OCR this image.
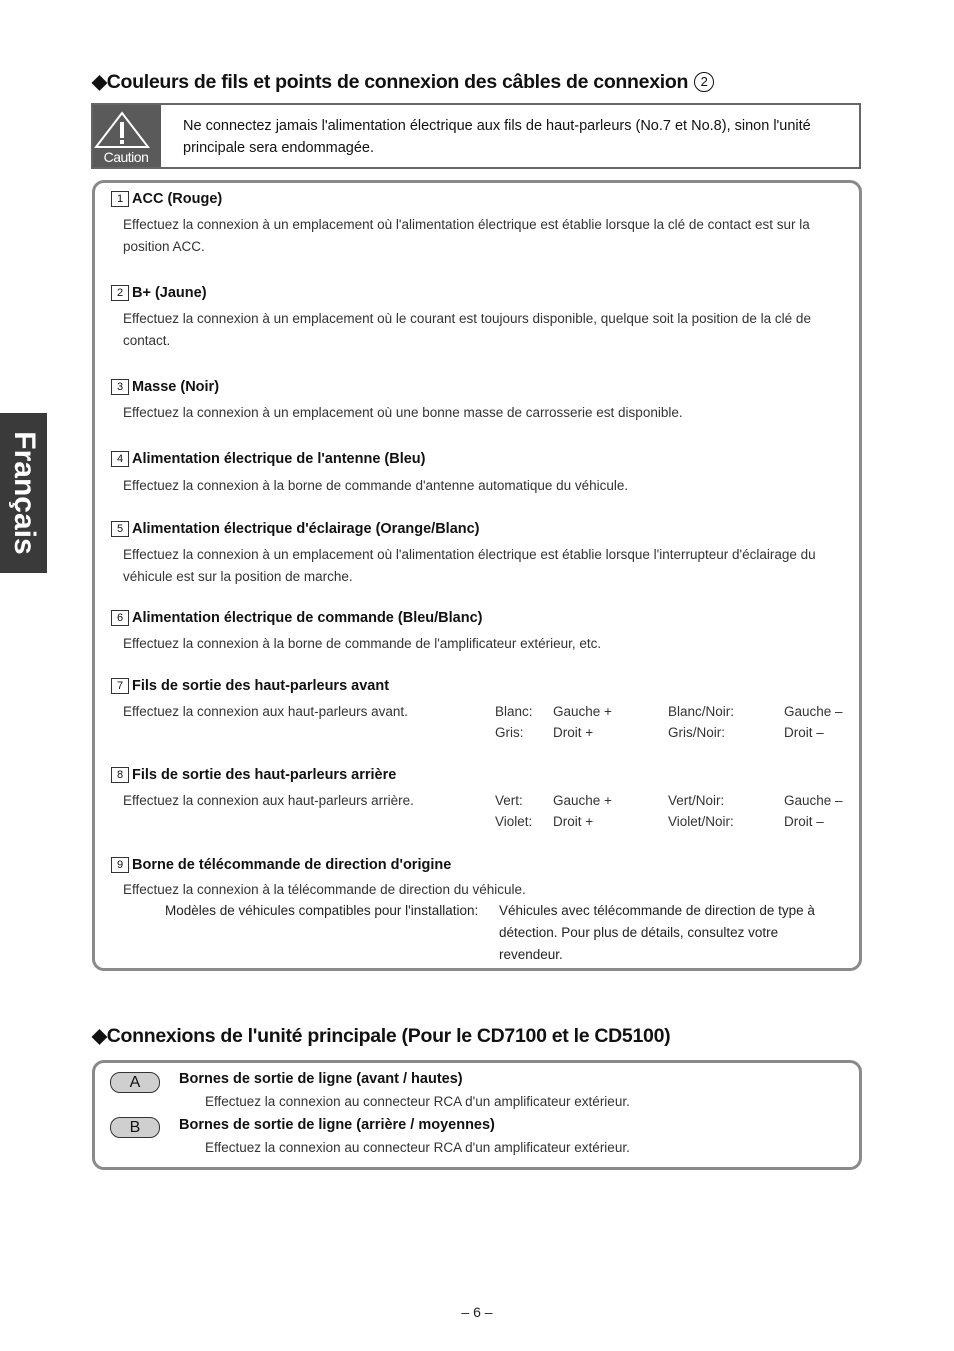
Français
◆Couleurs de fils et points de connexion des câbles de connexion 2
Caution
Ne connectez jamais l'alimentation électrique aux fils de haut-parleurs (No.7 et No.8), sinon l'unité principale sera endommagée.
1 ACC (Rouge)
Effectuez la connexion à un emplacement où l'alimentation électrique est établie lorsque la clé de contact est sur la position ACC.
2 B+ (Jaune)
Effectuez la connexion à un emplacement où le courant est toujours disponible, quelque soit la position de la clé de contact.
3 Masse (Noir)
Effectuez la connexion à un emplacement où une bonne masse de carrosserie est disponible.
4 Alimentation électrique de l'antenne (Bleu)
Effectuez la connexion à la borne de commande d'antenne automatique du véhicule.
5 Alimentation électrique d'éclairage (Orange/Blanc)
Effectuez la connexion à un emplacement où l'alimentation électrique est établie lorsque l'interrupteur d'éclairage du véhicule est sur la position de marche.
6 Alimentation électrique de commande (Bleu/Blanc)
Effectuez la connexion à la borne de commande de l'amplificateur extérieur, etc.
7 Fils de sortie des haut-parleurs avant
Effectuez la connexion aux haut-parleurs avant.	Blanc: Gauche +	Blanc/Noir:	Gauche –
Gris: Droit +	Gris/Noir:	Droit –
8 Fils de sortie des haut-parleurs arrière
Effectuez la connexion aux haut-parleurs arrière.	Vert: Gauche +	Vert/Noir:	Gauche –
Violet: Droit +	Violet/Noir:	Droit –
9 Borne de télécommande de direction d'origine
Effectuez la connexion à la télécommande de direction du véhicule.
Modèles de véhicules compatibles pour l'installation: Véhicules avec télécommande de direction de type à
détection. Pour plus de détails, consultez votre
revendeur.
◆Connexions de l'unité principale (Pour le CD7100 et le CD5100)
A	Bornes de sortie de ligne (avant / hautes)
Effectuez la connexion au connecteur RCA d'un amplificateur extérieur.
B	Bornes de sortie de ligne (arrière / moyennes)
Effectuez la connexion au connecteur RCA d'un amplificateur extérieur.
– 6 –
